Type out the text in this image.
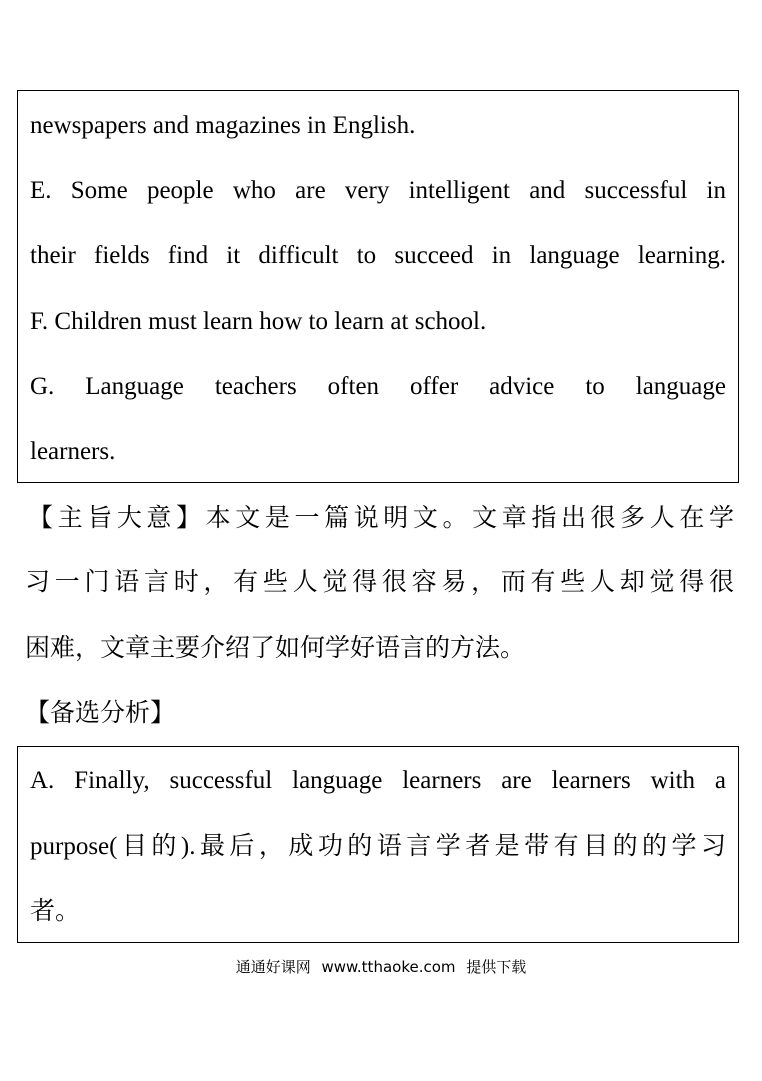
newspapers and magazines in English.
E. Some people who are very intelligent and successful in
their fields find it difficult to succeed in language learning.
F. Children must learn how to learn at school.
G. Language teachers often offer advice to language
learners.
【主旨大意】本文是一篇说明文。文章指出很多人在学
习一门语言时，有些人觉得很容易，而有些人却觉得很
困难，文章主要介绍了如何学好语言的方法。
【备选分析】
A. Finally, successful language learners are learners with a
purpose(目的).最后，成功的语言学者是带有目的的学习
者。
通通好课网 www.tthaoke.com 提供下载
